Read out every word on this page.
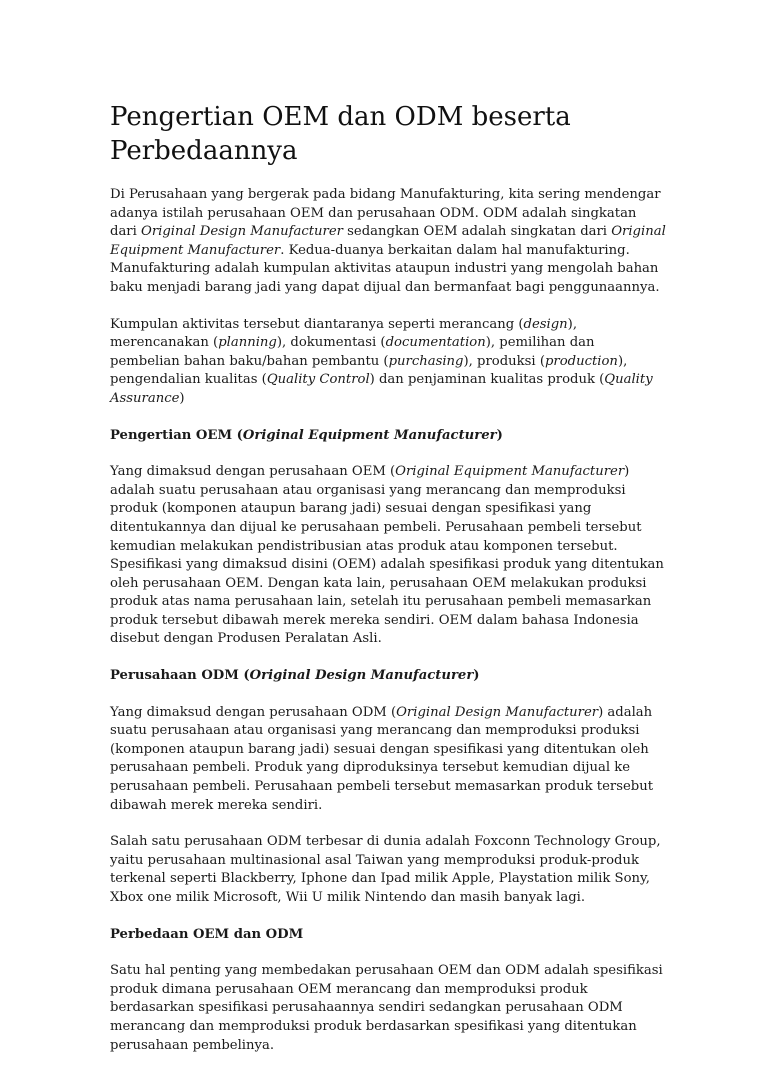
Pengertian OEM dan ODM beserta Perbedaannya

Di Perusahaan yang bergerak pada bidang Manufakturing, kita sering mendengar adanya istilah perusahaan OEM dan perusahaan ODM. ODM adalah singkatan dari Original Design Manufacturer sedangkan OEM adalah singkatan dari Original Equipment Manufacturer. Kedua-duanya berkaitan dalam hal manufakturing. Manufakturing adalah kumpulan aktivitas ataupun industri yang mengolah bahan baku menjadi barang jadi yang dapat dijual dan bermanfaat bagi penggunaannya.

Kumpulan aktivitas tersebut diantaranya seperti merancang (design), merencanakan (planning), dokumentasi (documentation), pemilihan dan pembelian bahan baku/bahan pembantu (purchasing), produksi (production), pengendalian kualitas (Quality Control) dan penjaminan kualitas produk (Quality Assurance)

Pengertian OEM (Original Equipment Manufacturer)

Yang dimaksud dengan perusahaan OEM (Original Equipment Manufacturer) adalah suatu perusahaan atau organisasi yang merancang dan memproduksi produk (komponen ataupun barang jadi) sesuai dengan spesifikasi yang ditentukannya dan dijual ke perusahaan pembeli. Perusahaan pembeli tersebut kemudian melakukan pendistribusian atas produk atau komponen tersebut. Spesifikasi yang dimaksud disini (OEM) adalah spesifikasi produk yang ditentukan oleh perusahaan OEM. Dengan kata lain, perusahaan OEM melakukan produksi produk atas nama perusahaan lain, setelah itu perusahaan pembeli memasarkan produk tersebut dibawah merek mereka sendiri. OEM dalam bahasa Indonesia disebut dengan Produsen Peralatan Asli.

Perusahaan ODM (Original Design Manufacturer)

Yang dimaksud dengan perusahaan ODM (Original Design Manufacturer) adalah suatu perusahaan atau organisasi yang merancang dan memproduksi produksi (komponen ataupun barang jadi) sesuai dengan spesifikasi yang ditentukan oleh perusahaan pembeli. Produk yang diproduksinya tersebut kemudian dijual ke perusahaan pembeli. Perusahaan pembeli tersebut memasarkan produk tersebut dibawah merek mereka sendiri.

Salah satu perusahaan ODM terbesar di dunia adalah Foxconn Technology Group, yaitu perusahaan multinasional asal Taiwan yang memproduksi produk-produk terkenal seperti Blackberry, Iphone dan Ipad milik Apple, Playstation milik Sony, Xbox one milik Microsoft, Wii U milik Nintendo dan masih banyak lagi.

Perbedaan OEM dan ODM

Satu hal penting yang membedakan perusahaan OEM dan ODM adalah spesifikasi produk dimana perusahaan OEM merancang dan memproduksi produk berdasarkan spesifikasi perusahaannya sendiri sedangkan perusahaan ODM merancang dan memproduksi produk berdasarkan spesifikasi yang ditentukan perusahaan pembelinya.
